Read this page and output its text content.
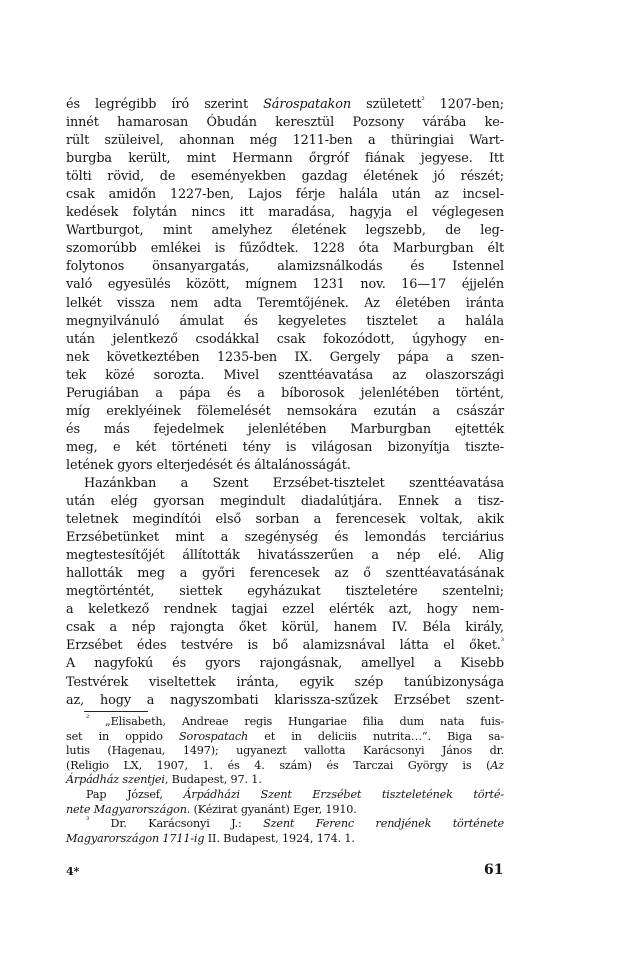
és legrégibb író szerint Sárospatakon született$^{^2}$ 1207-ben;
innét hamarosan Óbudán keresztül Pozsony várába ke-
rült szüleivel, ahonnan még 1211-ben a thüringiai Wart-
burgba került, mint Hermann őrgróf fiának jegyese. Itt
tölti rövid, de eseményekben gazdag életének jó részét;
csak amidőn 1227-ben, Lajos férje halála után az incsel-
kedések folytán nincs itt maradása, hagyja el véglegesen
Wartburgot, mint amelyhez életének legszebb, de leg-
szomorúbb emlékei is fűződtek. 1228 óta Marburgban élt
folytonos önsanyargatás, alamizsnálkodás és Istennel
való egyesülés között, mígnem 1231 nov. 16—17 éjjelén
lelkét vissza nem adta Teremtőjének. Az életében iránta
megnyilvánuló ámulat és kegyeletes tisztelet a halála
után jelentkező csodákkal csak fokozódott, úgyhogy en-
nek következtében 1235-ben IX. Gergely pápa a szen-
tek közé sorozta. Mivel szenttéavatása az olaszországi
Perugiában a pápa és a bíborosok jelenlétében történt,
míg ereklyéinek fölemelését nemsokára ezután a császár
és más fejedelmek jelenlétében Marburgban ejtették
meg, e két történeti tény is világosan bizonyítja tiszte-
letének gyors elterjedését és általánosságát.
Hazánkban a Szent Erzsébet-tisztelet szenttéavatása
után elég gyorsan megindult diadalútjára. Ennek a tisz-
teletnek megindítói első sorban a ferencesek voltak, akik
Erzsébetünket mint a szegénység és lemondás terciárius
megtestesítőjét állították hivatásszerűen a nép elé. Alig
hallották meg a győri ferencesek az ő szenttéavatásának
megtörténtét, siettek egyházukat tiszteletére szentelni;
a keletkező rendnek tagjai ezzel elérték azt, hogy nem-
csak a nép rajongta őket körül, hanem IV. Béla király,
Erzsébet édes testvére is bő alamizsnával látta el őket.$^{^3}$
A nagyfokú és gyors rajongásnak, amellyel a Kisebb
Testvérek viseltettek iránta, egyik szép tanúbizonysága
az, hogy a nagyszombati klarissza-szűzek Erzsébet szent-
$^{^2}$ „Elisabeth, Andreae regis Hungariae filia dum nata fuis-
set in oppido Sorospatach et in deliciis nutrita…“. Biga sa-
lutis (Hagenau, 1497); ugyanezt vallotta Karácsonyi János dr.
(Religio LX, 1907, 1. és 4. szám) és Tarczai György is (Az
Árpádház szentjei, Budapest, 97. 1.
Pap József, Árpádházi Szent Erzsébet tiszteletének törté-
nete Magyarországon. (Kézirat gyanánt) Eger, 1910.
$^{^3}$ Dr. Karácsonyi J.: Szent Ferenc rendjének története
Magyarországon 1711-ig II. Budapest, 1924, 174. 1.
4*	61
